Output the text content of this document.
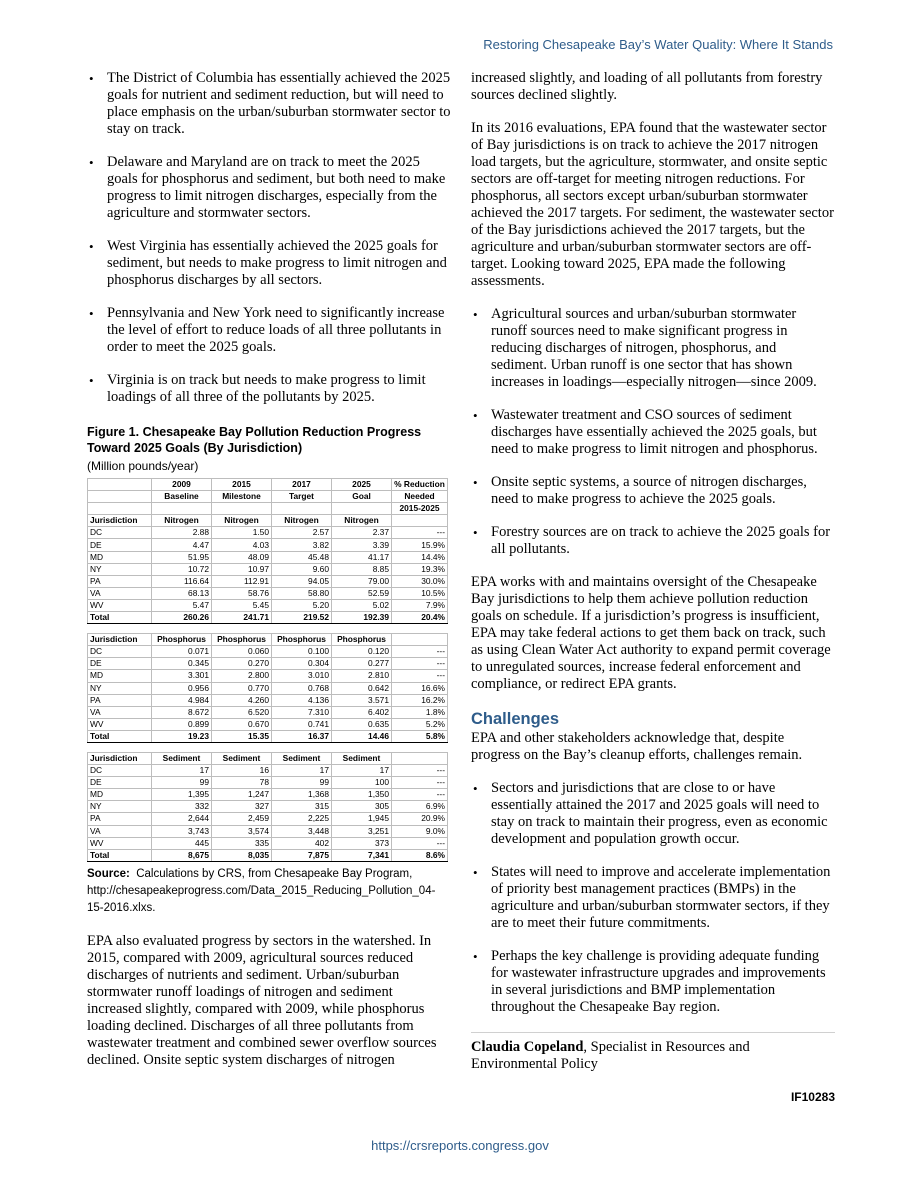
Restoring Chesapeake Bay’s Water Quality: Where It Stands
• The District of Columbia has essentially achieved the 2025 goals for nutrient and sediment reduction, but will need to place emphasis on the urban/suburban stormwater sector to stay on track.
• Delaware and Maryland are on track to meet the 2025 goals for phosphorus and sediment, but both need to make progress to limit nitrogen discharges, especially from the agriculture and stormwater sectors.
• West Virginia has essentially achieved the 2025 goals for sediment, but needs to make progress to limit nitrogen and phosphorus discharges by all sectors.
• Pennsylvania and New York need to significantly increase the level of effort to reduce loads of all three pollutants in order to meet the 2025 goals.
• Virginia is on track but needs to make progress to limit loadings of all three of the pollutants by 2025.
Figure 1. Chesapeake Bay Pollution Reduction Progress Toward 2025 Goals (By Jurisdiction)
(Million pounds/year)
	2009	2015	2017	2025	% Reduction
	Baseline	Milestone	Target	Goal	Needed
					2015-2025
Jurisdiction	Nitrogen	Nitrogen	Nitrogen	Nitrogen	
DC	2.88	1.50	2.57	2.37	---
DE	4.47	4.03	3.82	3.39	15.9%
MD	51.95	48.09	45.48	41.17	14.4%
NY	10.72	10.97	9.60	8.85	19.3%
PA	116.64	112.91	94.05	79.00	30.0%
VA	68.13	58.76	58.80	52.59	10.5%
WV	5.47	5.45	5.20	5.02	7.9%
Total	260.26	241.71	219.52	192.39	20.4%

Jurisdiction	Phosphorus	Phosphorus	Phosphorus	Phosphorus	
DC	0.071	0.060	0.100	0.120	---
DE	0.345	0.270	0.304	0.277	---
MD	3.301	2.800	3.010	2.810	---
NY	0.956	0.770	0.768	0.642	16.6%
PA	4.984	4.260	4.136	3.571	16.2%
VA	8.672	6.520	7.310	6.402	1.8%
WV	0.899	0.670	0.741	0.635	5.2%
Total	19.23	15.35	16.37	14.46	5.8%

Jurisdiction	Sediment	Sediment	Sediment	Sediment	
DC	17	16	17	17	---
DE	99	78	99	100	---
MD	1,395	1,247	1,368	1,350	---
NY	332	327	315	305	6.9%
PA	2,644	2,459	2,225	1,945	20.9%
VA	3,743	3,574	3,448	3,251	9.0%
WV	445	335	402	373	---
Total	8,675	8,035	7,875	7,341	8.6%
Source: Calculations by CRS, from Chesapeake Bay Program, http://chesapeakeprogress.com/Data_2015_Reducing_Pollution_04-15-2016.xlxs.

EPA also evaluated progress by sectors in the watershed. In 2015, compared with 2009, agricultural sources reduced discharges of nutrients and sediment. Urban/suburban stormwater runoff loadings of nitrogen and sediment increased slightly, compared with 2009, while phosphorus loading declined. Discharges of all three pollutants from wastewater treatment and combined sewer overflow sources declined. Onsite septic system discharges of nitrogen

increased slightly, and loading of all pollutants from forestry sources declined slightly.

In its 2016 evaluations, EPA found that the wastewater sector of Bay jurisdictions is on track to achieve the 2017 nitrogen load targets, but the agriculture, stormwater, and onsite septic sectors are off-target for meeting nitrogen reductions. For phosphorus, all sectors except urban/suburban stormwater achieved the 2017 targets. For sediment, the wastewater sector of the Bay jurisdictions achieved the 2017 targets, but the agriculture and urban/suburban stormwater sectors are off-target. Looking toward 2025, EPA made the following assessments.

• Agricultural sources and urban/suburban stormwater runoff sources need to make significant progress in reducing discharges of nitrogen, phosphorus, and sediment. Urban runoff is one sector that has shown increases in loadings—especially nitrogen—since 2009.
• Wastewater treatment and CSO sources of sediment discharges have essentially achieved the 2025 goals, but need to make progress to limit nitrogen and phosphorus.
• Onsite septic systems, a source of nitrogen discharges, need to make progress to achieve the 2025 goals.
• Forestry sources are on track to achieve the 2025 goals for all pollutants.

EPA works with and maintains oversight of the Chesapeake Bay jurisdictions to help them achieve pollution reduction goals on schedule. If a jurisdiction’s progress is insufficient, EPA may take federal actions to get them back on track, such as using Clean Water Act authority to expand permit coverage to unregulated sources, increase federal enforcement and compliance, or redirect EPA grants.

Challenges

EPA and other stakeholders acknowledge that, despite progress on the Bay’s cleanup efforts, challenges remain.

• Sectors and jurisdictions that are close to or have essentially attained the 2017 and 2025 goals will need to stay on track to maintain their progress, even as economic development and population growth occur.
• States will need to improve and accelerate implementation of priority best management practices (BMPs) in the agriculture and urban/suburban stormwater sectors, if they are to meet their future commitments.
• Perhaps the key challenge is providing adequate funding for wastewater infrastructure upgrades and improvements in several jurisdictions and BMP implementation throughout the Chesapeake Bay region.

Claudia Copeland, Specialist in Resources and Environmental Policy

IF10283

https://crsreports.congress.gov
